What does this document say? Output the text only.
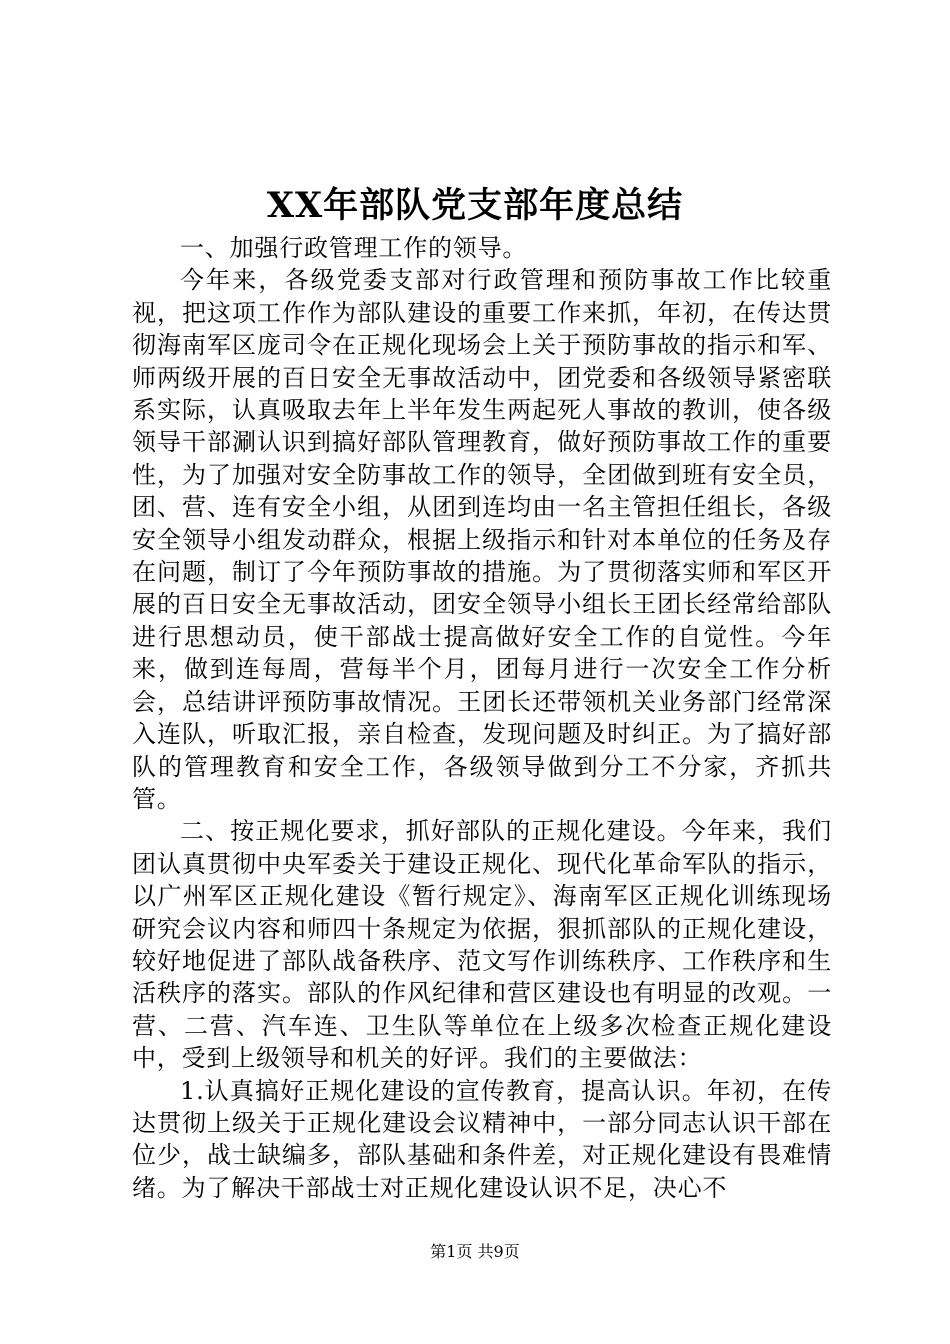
XX年部队党支部年度总结

一、加强行政管理工作的领导。

今年来，各级党委支部对行政管理和预防事故工作比较重视，把这项工作作为部队建设的重要工作来抓，年初，在传达贯彻海南军区庞司令在正规化现场会上关于预防事故的指示和军、师两级开展的百日安全无事故活动中，团党委和各级领导紧密联系实际，认真吸取去年上半年发生两起死人事故的教训，使各级领导干部涮认识到搞好部队管理教育，做好预防事故工作的重要性，为了加强对安全防事故工作的领导，全团做到班有安全员，团、营、连有安全小组，从团到连均由一名主管担任组长，各级安全领导小组发动群众，根据上级指示和针对本单位的任务及存在问题，制订了今年预防事故的措施。为了贯彻落实师和军区开展的百日安全无事故活动，团安全领导小组长王团长经常给部队进行思想动员，使干部战士提高做好安全工作的自觉性。今年来，做到连每周，营每半个月，团每月进行一次安全工作分析会，总结讲评预防事故情况。王团长还带领机关业务部门经常深入连队，听取汇报，亲自检查，发现问题及时纠正。为了搞好部队的管理教育和安全工作，各级领导做到分工不分家，齐抓共管。

二、按正规化要求，抓好部队的正规化建设。今年来，我们团认真贯彻中央军委关于建设正规化、现代化革命军队的指示，以广州军区正规化建设《暂行规定》、海南军区正规化训练现场研究会议内容和师四十条规定为依据，狠抓部队的正规化建设，较好地促进了部队战备秩序、范文写作训练秩序、工作秩序和生活秩序的落实。部队的作风纪律和营区建设也有明显的改观。一营、二营、汽车连、卫生队等单位在上级多次检查正规化建设中，受到上级领导和机关的好评。我们的主要做法：

1.认真搞好正规化建设的宣传教育，提高认识。年初，在传达贯彻上级关于正规化建设会议精神中，一部分同志认识干部在位少，战士缺编多，部队基础和条件差，对正规化建设有畏难情绪。为了解决干部战士对正规化建设认识不足，决心不

第1页 共9页
